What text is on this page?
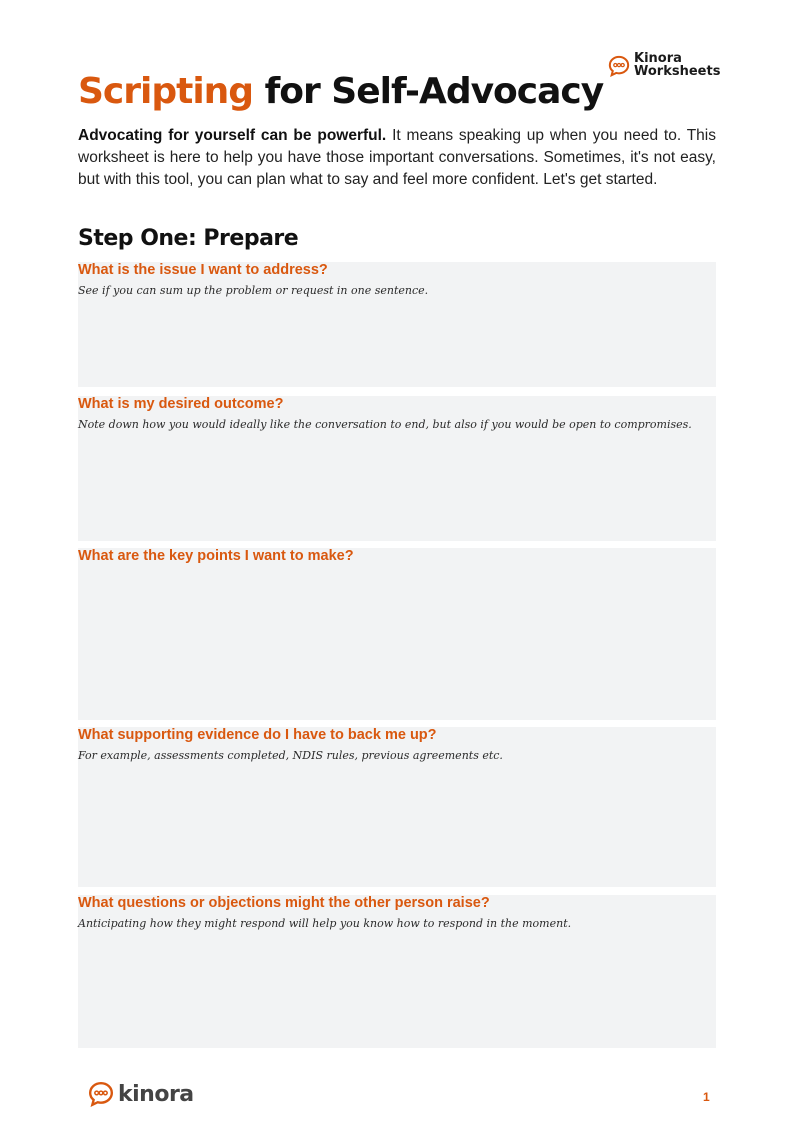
Kinora
Worksheets
Scripting for Self-Advocacy

Advocating for yourself can be powerful. It means speaking up when you need to. This worksheet is here to help you have those important conversations. Sometimes, it's not easy, but with this tool, you can plan what to say and feel more confident. Let's get started.

Step One: Prepare
What is the issue I want to address?
See if you can sum up the problem or request in one sentence.
What is my desired outcome?
Note down how you would ideally like the conversation to end, but also if you would be open to compromises.
What are the key points I want to make?
What supporting evidence do I have to back me up?
For example, assessments completed, NDIS rules, previous agreements etc.
What questions or objections might the other person raise?
Anticipating how they might respond will help you know how to respond in the moment.
kinora	1
